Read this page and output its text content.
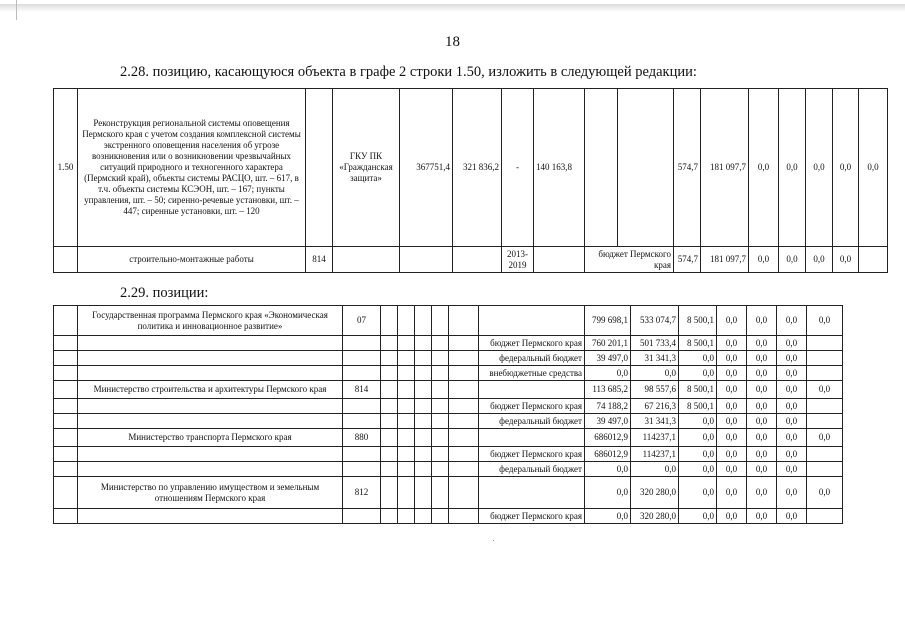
18
2.28. позицию, касающуюся объекта в графе 2 строки 1.50, изложить в следующей редакции:
1.50	Реконструкция региональной системы оповещения Пермского края с учетом создания комплексной системы экстренного оповещения населения об угрозе возникновения или о возникновении чрезвычайных ситуаций природного и техногенного характера (Пермский край), объекты системы РАСЦО, шт. – 617, в т.ч. объекты системы КСЭОН, шт. – 167; пункты управления, шт. – 50; сиренно-речевые установки, шт. – 447; сиренные установки, шт. – 120		ГКУ ПК «Гражданская защита»	367751,4	321 836,2	-	140 163,8			574,7	181 097,7	0,0	0,0	0,0	0,0	0,0
	строительно-монтажные работы	814				2013-2019		бюджет Пермского края		574,7	181 097,7	0,0	0,0	0,0	0,0	
2.29. позиции:
	Государственная программа Пермского края «Экономическая политика и инновационное развитие»	07							799 698,1	533 074,7	8 500,1	0,0	0,0	0,0	0,0
								бюджет Пермского края	760 201,1	501 733,4	8 500,1	0,0	0,0	0,0	
								федеральный бюджет	39 497,0	31 341,3	0,0	0,0	0,0	0,0	
								внебюджетные средства	0,0	0,0	0,0	0,0	0,0	0,0	
	Министерство строительства и архитектуры Пермского края	814							113 685,2	98 557,6	8 500,1	0,0	0,0	0,0	0,0
								бюджет Пермского края	74 188,2	67 216,3	8 500,1	0,0	0,0	0,0	
								федеральный бюджет	39 497,0	31 341,3	0,0	0,0	0,0	0,0	
	Министерство транспорта Пермского края	880							686012,9	114237,1	0,0	0,0	0,0	0,0	0,0
								бюджет Пермского края	686012,9	114237,1	0,0	0,0	0,0	0,0	
								федеральный бюджет	0,0	0,0	0,0	0,0	0,0	0,0	
	Министерство по управлению имуществом и земельным отношениям Пермского края	812							0,0	320 280,0	0,0	0,0	0,0	0,0	0,0
								бюджет Пермского края	0,0	320 280,0	0,0	0,0	0,0	0,0	
